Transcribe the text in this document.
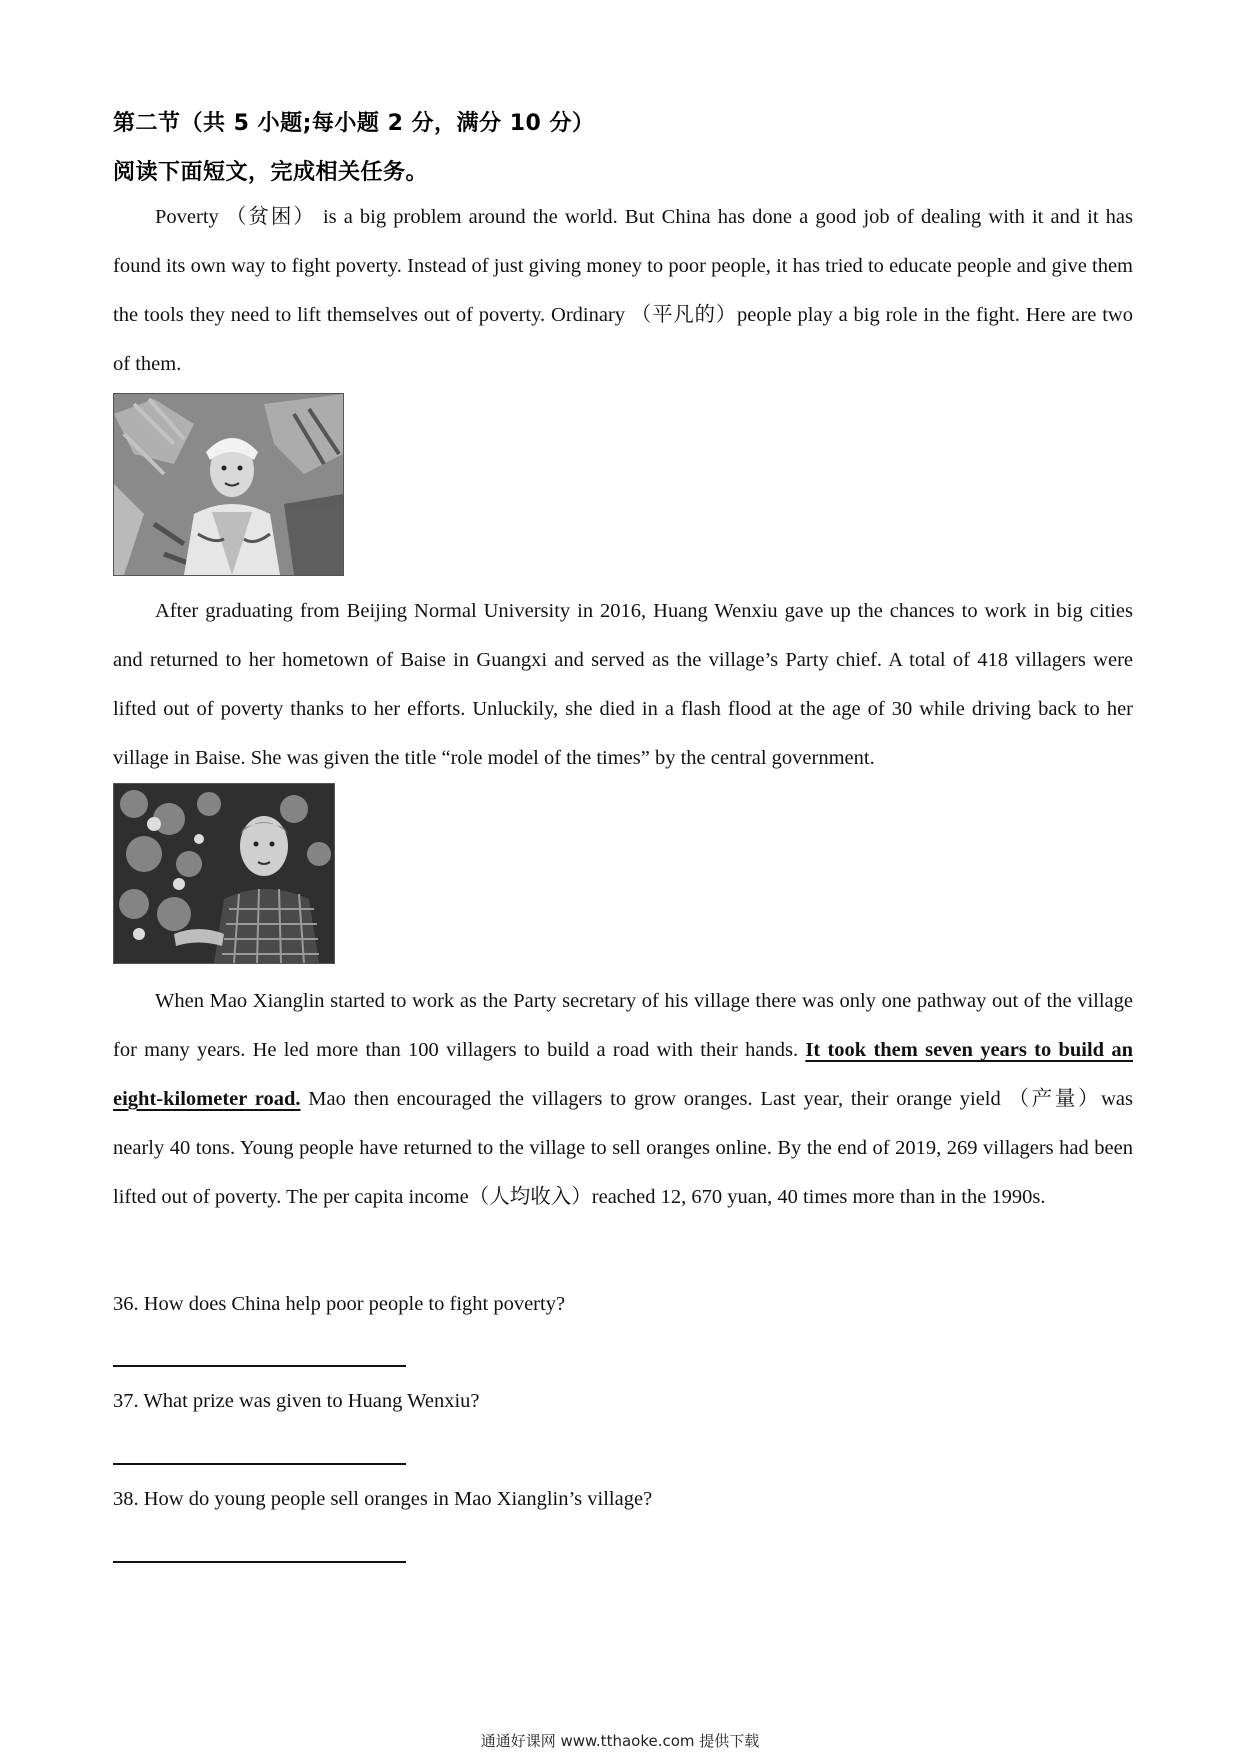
第二节（共 5 小题;每小题 2 分，满分 10 分）
阅读下面短文，完成相关任务。

Poverty （贫困） is a big problem around the world. But China has done a good job of dealing with it and it has found its own way to fight poverty. Instead of just giving money to poor people, it has tried to educate people and give them the tools they need to lift themselves out of poverty. Ordinary （平凡的）people play a big role in the fight. Here are two of them.

After graduating from Beijing Normal University in 2016, Huang Wenxiu gave up the chances to work in big cities and returned to her hometown of Baise in Guangxi and served as the village’s Party chief. A total of 418 villagers were lifted out of poverty thanks to her efforts. Unluckily, she died in a flash flood at the age of 30 while driving back to her village in Baise. She was given the title “role model of the times” by the central government.

When Mao Xianglin started to work as the Party secretary of his village there was only one pathway out of the village for many years. He led more than 100 villagers to build a road with their hands. It took them seven years to build an eight-kilometer road. Mao then encouraged the villagers to grow oranges. Last year, their orange yield （产量）was nearly 40 tons. Young people have returned to the village to sell oranges online. By the end of 2019, 269 villagers had been lifted out of poverty. The per capita income（人均收入）reached 12, 670 yuan, 40 times more than in the 1990s.

36. How does China help poor people to fight poverty?

37. What prize was given to Huang Wenxiu?

38. How do young people sell oranges in Mao Xianglin’s village?

通通好课网 www.tthaoke.com 提供下载
